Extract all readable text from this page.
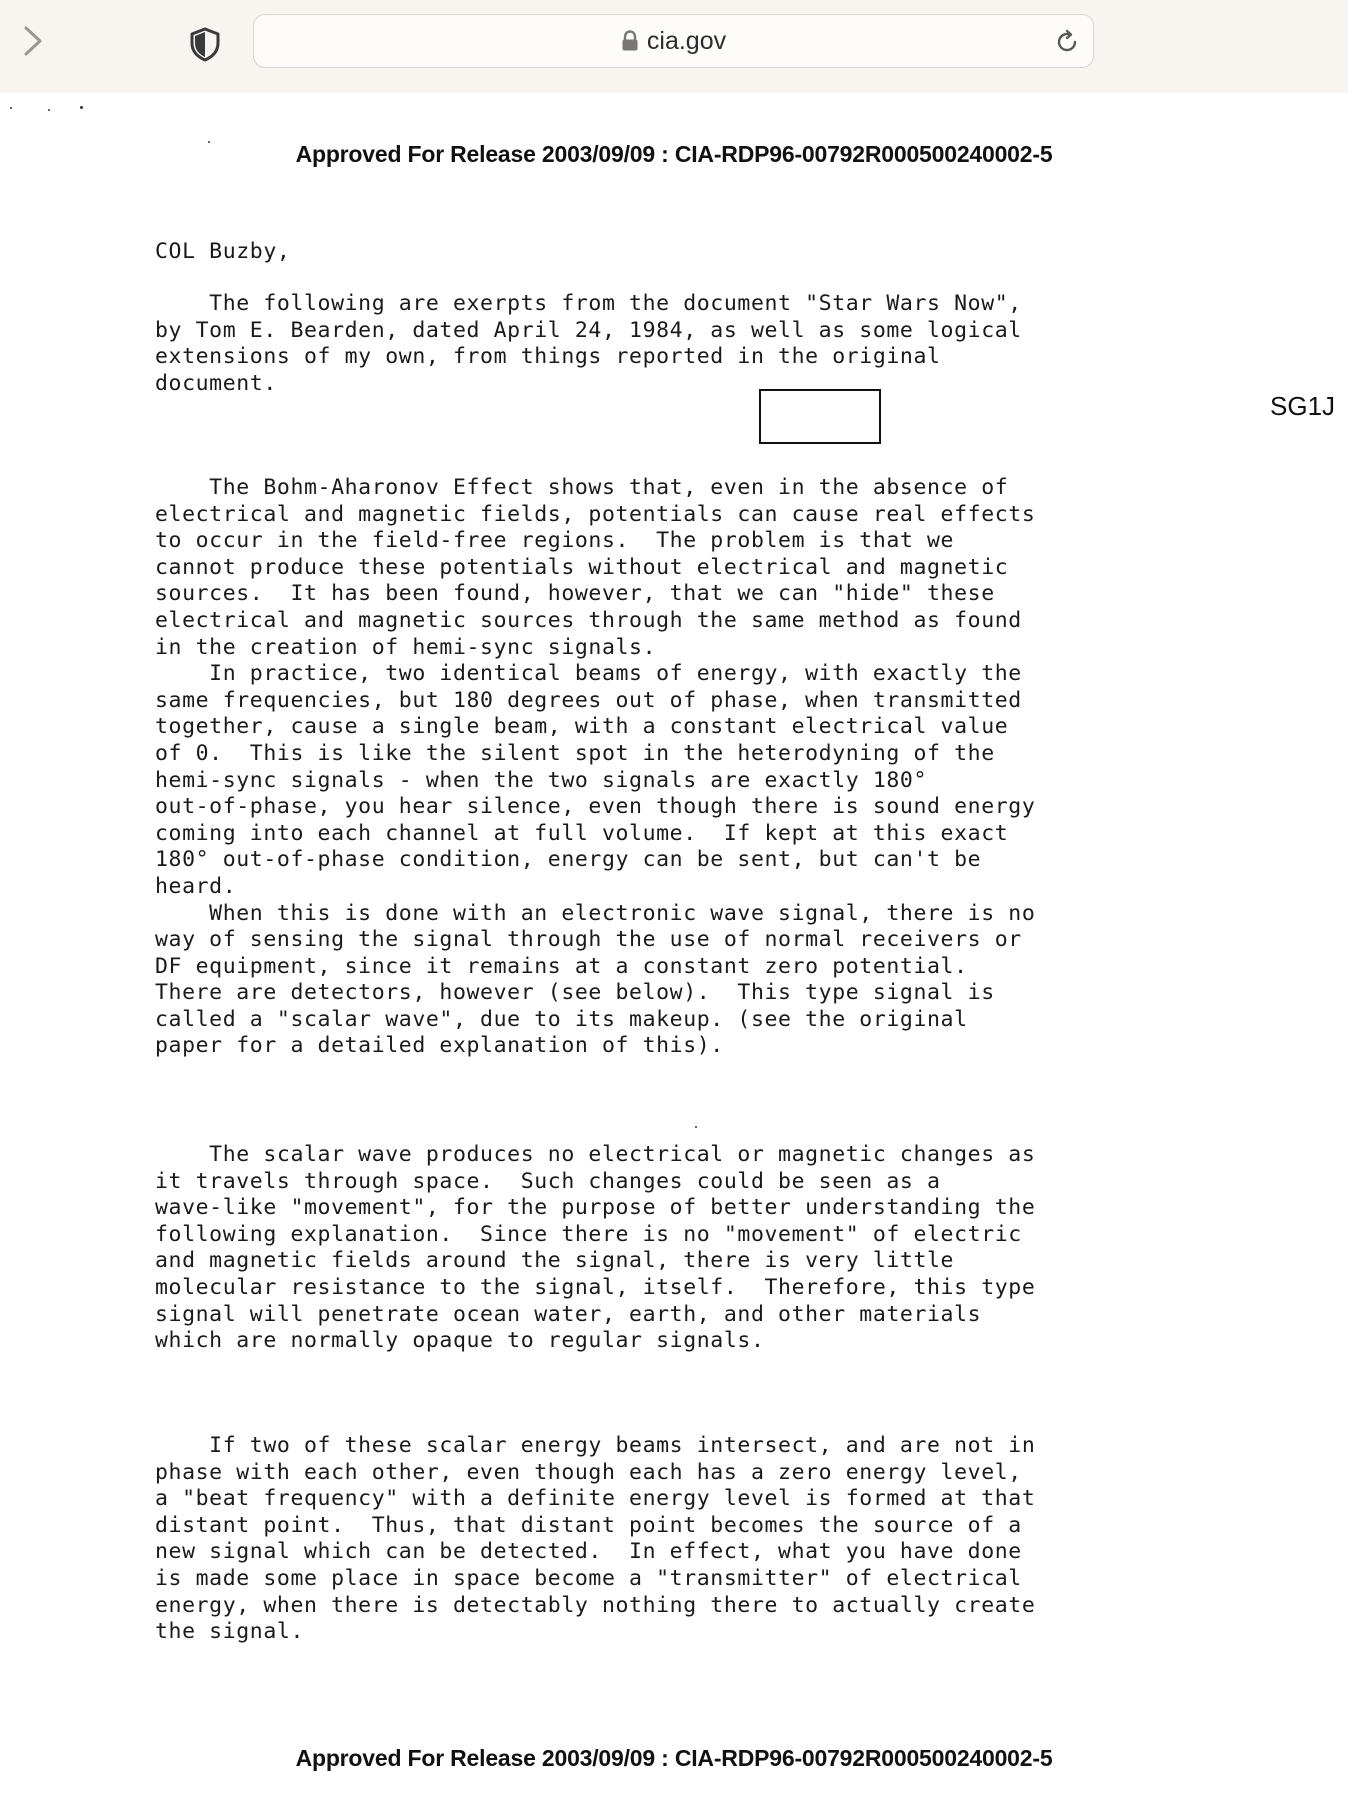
cia.gov
Approved For Release 2003/09/09 : CIA-RDP96-00792R000500240002-5
COL Buzby,
The following are exerpts from the document "Star Wars Now",
by Tom E. Bearden, dated April 24, 1984, as well as some logical
extensions of my own, from things reported in the original
document.
SG1J
The Bohm-Aharonov Effect shows that, even in the absence of
electrical and magnetic fields, potentials can cause real effects
to occur in the field-free regions.  The problem is that we
cannot produce these potentials without electrical and magnetic
sources.  It has been found, however, that we can "hide" these
electrical and magnetic sources through the same method as found
in the creation of hemi-sync signals.
In practice, two identical beams of energy, with exactly the
same frequencies, but 180 degrees out of phase, when transmitted
together, cause a single beam, with a constant electrical value
of 0.  This is like the silent spot in the heterodyning of the
hemi-sync signals - when the two signals are exactly 180°
out-of-phase, you hear silence, even though there is sound energy
coming into each channel at full volume.  If kept at this exact
180° out-of-phase condition, energy can be sent, but can't be
heard.
When this is done with an electronic wave signal, there is no
way of sensing the signal through the use of normal receivers or
DF equipment, since it remains at a constant zero potential.
There are detectors, however (see below).  This type signal is
called a "scalar wave", due to its makeup. (see the original
paper for a detailed explanation of this).
The scalar wave produces no electrical or magnetic changes as
it travels through space.  Such changes could be seen as a
wave-like "movement", for the purpose of better understanding the
following explanation.  Since there is no "movement" of electric
and magnetic fields around the signal, there is very little
molecular resistance to the signal, itself.  Therefore, this type
signal will penetrate ocean water, earth, and other materials
which are normally opaque to regular signals.
If two of these scalar energy beams intersect, and are not in
phase with each other, even though each has a zero energy level,
a "beat frequency" with a definite energy level is formed at that
distant point.  Thus, that distant point becomes the source of a
new signal which can be detected.  In effect, what you have done
is made some place in space become a "transmitter" of electrical
energy, when there is detectably nothing there to actually create
the signal.
Approved For Release 2003/09/09 : CIA-RDP96-00792R000500240002-5
